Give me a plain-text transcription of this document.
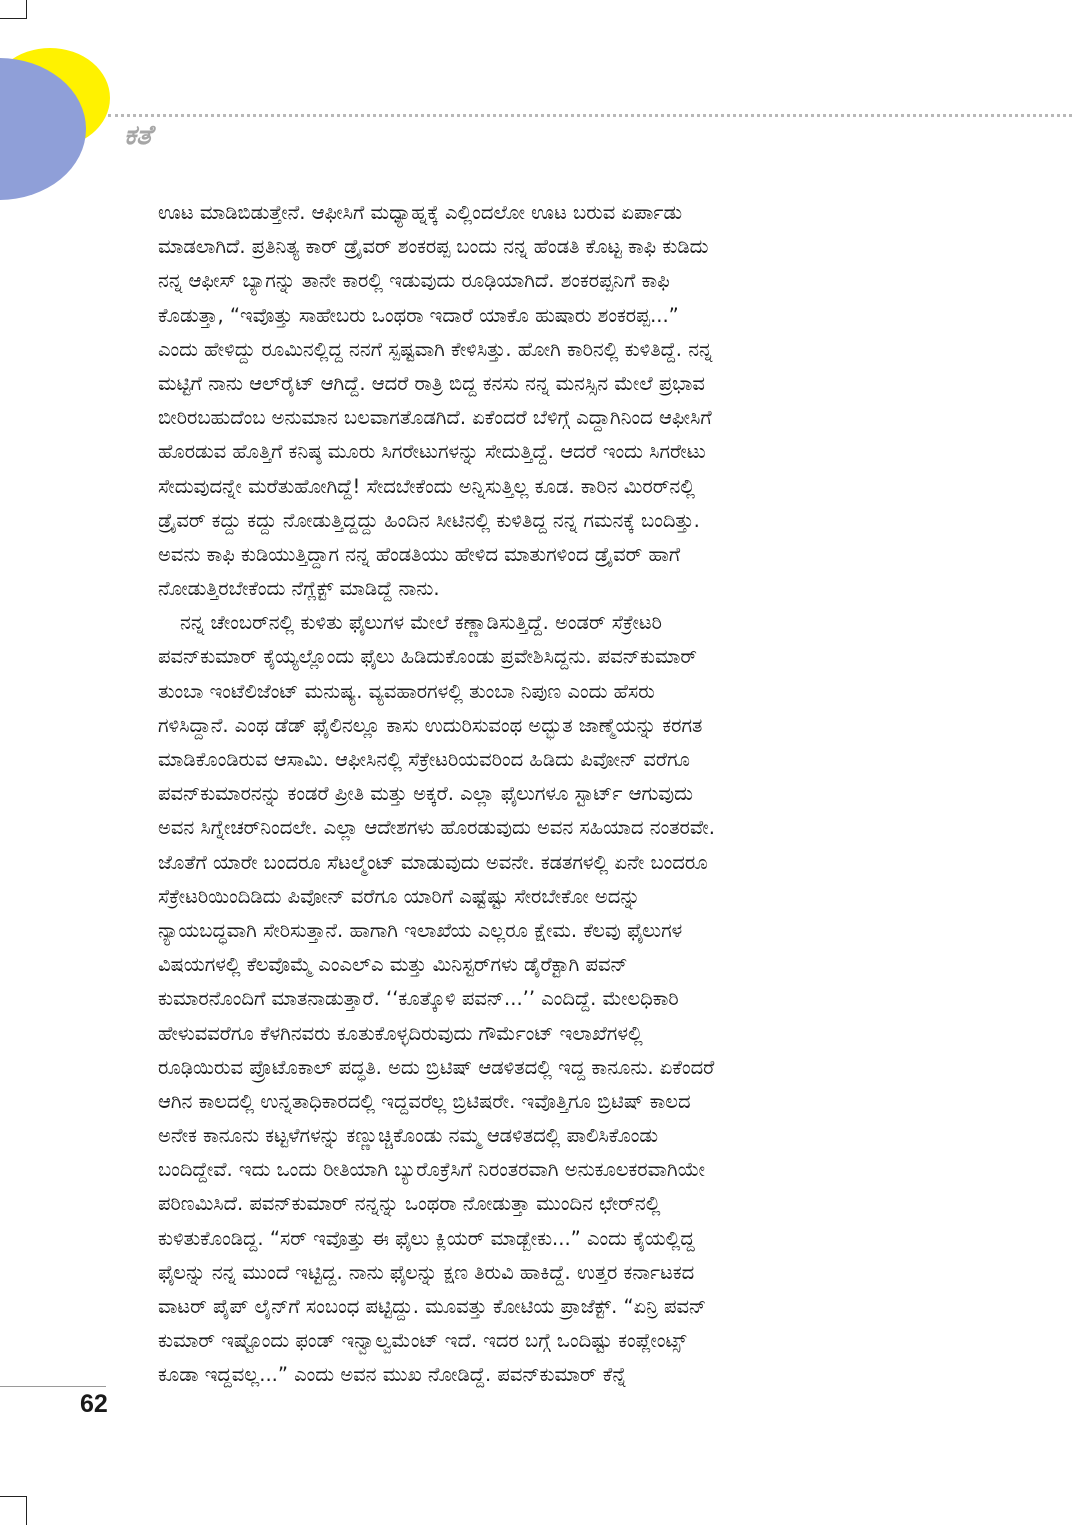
ಕತೆ
ಊಟ ಮಾಡಿಬಿಡುತ್ತೇನೆ. ಆಫೀಸಿಗೆ ಮಧ್ಯಾಹ್ನಕ್ಕೆ ಎಲ್ಲಿಂದಲೋ ಊಟ ಬರುವ ಏರ್ಪಾಡು
ಮಾಡಲಾಗಿದೆ. ಪ್ರತಿನಿತ್ಯ ಕಾರ್ ಡ್ರೈವರ್ ಶಂಕರಪ್ಪ ಬಂದು ನನ್ನ ಹೆಂಡತಿ ಕೊಟ್ಟ ಕಾಫಿ ಕುಡಿದು
ನನ್ನ ಆಫೀಸ್ ಬ್ಯಾಗನ್ನು ತಾನೇ ಕಾರಲ್ಲಿ ಇಡುವುದು ರೂಢಿಯಾಗಿದೆ. ಶಂಕರಪ್ಪನಿಗೆ ಕಾಫಿ
ಕೊಡುತ್ತಾ, “ಇವೊತ್ತು ಸಾಹೇಬರು ಒಂಥರಾ ಇದಾರೆ ಯಾಕೊ ಹುಷಾರು ಶಂಕರಪ್ಪ...”
ಎಂದು ಹೇಳಿದ್ದು ರೂಮಿನಲ್ಲಿದ್ದ ನನಗೆ ಸ್ಪಷ್ಟವಾಗಿ ಕೇಳಿಸಿತ್ತು. ಹೋಗಿ ಕಾರಿನಲ್ಲಿ ಕುಳಿತಿದ್ದೆ. ನನ್ನ
ಮಟ್ಟಿಗೆ ನಾನು ಆಲ್‌ರೈಟ್ ಆಗಿದ್ದೆ. ಆದರೆ ರಾತ್ರಿ ಬಿದ್ದ ಕನಸು ನನ್ನ ಮನಸ್ಸಿನ ಮೇಲೆ ಪ್ರಭಾವ
ಬೀರಿರಬಹುದೆಂಬ ಅನುಮಾನ ಬಲವಾಗತೊಡಗಿದೆ. ಏಕೆಂದರೆ ಬೆಳಿಗ್ಗೆ ಎದ್ದಾಗಿನಿಂದ ಆಫೀಸಿಗೆ
ಹೊರಡುವ ಹೊತ್ತಿಗೆ ಕನಿಷ್ಠ ಮೂರು ಸಿಗರೇಟುಗಳನ್ನು ಸೇದುತ್ತಿದ್ದೆ. ಆದರೆ ಇಂದು ಸಿಗರೇಟು
ಸೇದುವುದನ್ನೇ ಮರೆತುಹೋಗಿದ್ದೆ! ಸೇದಬೇಕೆಂದು ಅನ್ನಿಸುತ್ತಿಲ್ಲ ಕೂಡ. ಕಾರಿನ ಮಿರರ್‌ನಲ್ಲಿ
ಡ್ರೈವರ್ ಕದ್ದು ಕದ್ದು ನೋಡುತ್ತಿದ್ದದ್ದು ಹಿಂದಿನ ಸೀಟಿನಲ್ಲಿ ಕುಳಿತಿದ್ದ ನನ್ನ ಗಮನಕ್ಕೆ ಬಂದಿತ್ತು.
ಅವನು ಕಾಫಿ ಕುಡಿಯುತ್ತಿದ್ದಾಗ ನನ್ನ ಹೆಂಡತಿಯು ಹೇಳಿದ ಮಾತುಗಳಿಂದ ಡ್ರೈವರ್ ಹಾಗೆ
ನೋಡುತ್ತಿರಬೇಕೆಂದು ನೆಗ್ಲೆಕ್ಟ್ ಮಾಡಿದ್ದೆ ನಾನು.
ನನ್ನ ಚೇಂಬರ್‌ನಲ್ಲಿ ಕುಳಿತು ಫೈಲುಗಳ ಮೇಲೆ ಕಣ್ಣಾಡಿಸುತ್ತಿದ್ದೆ. ಅಂಡರ್ ಸೆಕ್ರೇಟರಿ
ಪವನ್‌ಕುಮಾರ್ ಕೈಯ್ಯಲ್ಲೊಂದು ಫೈಲು ಹಿಡಿದುಕೊಂಡು ಪ್ರವೇಶಿಸಿದ್ದನು. ಪವನ್‌ಕುಮಾರ್
ತುಂಬಾ ಇಂಟೆಲಿಜೆಂಟ್ ಮನುಷ್ಯ. ವ್ಯವಹಾರಗಳಲ್ಲಿ ತುಂಬಾ ನಿಪುಣ ಎಂದು ಹೆಸರು
ಗಳಿಸಿದ್ದಾನೆ. ಎಂಥ ಡೆಡ್ ಫೈಲಿನಲ್ಲೂ ಕಾಸು ಉದುರಿಸುವಂಥ ಅದ್ಭುತ ಜಾಣ್ಮೆಯನ್ನು ಕರಗತ
ಮಾಡಿಕೊಂಡಿರುವ ಆಸಾಮಿ. ಆಫೀಸಿನಲ್ಲಿ ಸೆಕ್ರೇಟರಿಯವರಿಂದ ಹಿಡಿದು ಪಿವೋನ್ ವರೆಗೂ
ಪವನ್‌ಕುಮಾರನನ್ನು ಕಂಡರೆ ಪ್ರೀತಿ ಮತ್ತು ಅಕ್ಕರೆ. ಎಲ್ಲಾ ಫೈಲುಗಳೂ ಸ್ಟಾರ್ಟ್ ಆಗುವುದು
ಅವನ ಸಿಗ್ನೇಚರ್‌ನಿಂದಲೇ. ಎಲ್ಲಾ ಆದೇಶಗಳು ಹೊರಡುವುದು ಅವನ ಸಹಿಯಾದ ನಂತರವೇ.
ಜೊತೆಗೆ ಯಾರೇ ಬಂದರೂ ಸೆಟಲ್ಮೆಂಟ್ ಮಾಡುವುದು ಅವನೇ. ಕಡತಗಳಲ್ಲಿ ಏನೇ ಬಂದರೂ
ಸೆಕ್ರೇಟರಿಯಿಂದಿಡಿದು ಪಿವೋನ್ ವರೆಗೂ ಯಾರಿಗೆ ಎಷ್ಟೆಷ್ಟು ಸೇರಬೇಕೋ ಅದನ್ನು
ನ್ಯಾಯಬದ್ಧವಾಗಿ ಸೇರಿಸುತ್ತಾನೆ. ಹಾಗಾಗಿ ಇಲಾಖೆಯ ಎಲ್ಲರೂ ಕ್ಷೇಮ. ಕೆಲವು ಫೈಲುಗಳ
ವಿಷಯಗಳಲ್ಲಿ ಕೆಲವೊಮ್ಮೆ ಎಂಎಲ್ಎ ಮತ್ತು ಮಿನಿಸ್ಟರ್‌ಗಳು ಡೈರೆಕ್ಟಾಗಿ ಪವನ್
ಕುಮಾರನೊಂದಿಗೆ ಮಾತನಾಡುತ್ತಾರೆ. ‘‘ಕೂತ್ಕೊಳಿ ಪವನ್...’’ ಎಂದಿದ್ದೆ. ಮೇಲಧಿಕಾರಿ
ಹೇಳುವವರೆಗೂ ಕೆಳಗಿನವರು ಕೂತುಕೊಳ್ಳದಿರುವುದು ಗೌರ್ಮೆಂಟ್ ಇಲಾಖೆಗಳಲ್ಲಿ
ರೂಢಿಯಿರುವ ಪ್ರೊಟೊಕಾಲ್ ಪದ್ಧತಿ. ಅದು ಬ್ರಿಟಿಷ್ ಆಡಳಿತದಲ್ಲಿ ಇದ್ದ ಕಾನೂನು. ಏಕೆಂದರೆ
ಆಗಿನ ಕಾಲದಲ್ಲಿ ಉನ್ನತಾಧಿಕಾರದಲ್ಲಿ ಇದ್ದವರೆಲ್ಲ ಬ್ರಿಟಿಷರೇ. ಇವೊತ್ತಿಗೂ ಬ್ರಿಟಿಷ್ ಕಾಲದ
ಅನೇಕ ಕಾನೂನು ಕಟ್ಟಳೆಗಳನ್ನು ಕಣ್ಣುಚ್ಚಿಕೊಂಡು ನಮ್ಮ ಆಡಳಿತದಲ್ಲಿ ಪಾಲಿಸಿಕೊಂಡು
ಬಂದಿದ್ದೇವೆ. ಇದು ಒಂದು ರೀತಿಯಾಗಿ ಬ್ಯುರೊಕ್ರೆಸಿಗೆ ನಿರಂತರವಾಗಿ ಅನುಕೂಲಕರವಾಗಿಯೇ
ಪರಿಣಮಿಸಿದೆ. ಪವನ್‌ಕುಮಾರ್ ನನ್ನನ್ನು ಒಂಥರಾ ನೋಡುತ್ತಾ ಮುಂದಿನ ಛೇರ್‌ನಲ್ಲಿ
ಕುಳಿತುಕೊಂಡಿದ್ದ. “ಸರ್ ಇವೊತ್ತು ಈ ಫೈಲು ಕ್ಲಿಯರ್ ಮಾಡ್ಬೇಕು...” ಎಂದು ಕೈಯಲ್ಲಿದ್ದ
ಫೈಲನ್ನು ನನ್ನ ಮುಂದೆ ಇಟ್ಟಿದ್ದ. ನಾನು ಫೈಲನ್ನು ಕ್ಷಣ ತಿರುವಿ ಹಾಕಿದ್ದೆ. ಉತ್ತರ ಕರ್ನಾಟಕದ
ವಾಟರ್ ಪೈಪ್ ಲೈನ್‌ಗೆ ಸಂಬಂಧ ಪಟ್ಟಿದ್ದು. ಮೂವತ್ತು ಕೋಟಿಯ ಪ್ರಾಜೆಕ್ಟ್. “ಏನ್ರಿ ಪವನ್
ಕುಮಾರ್ ಇಷ್ಟೊಂದು ಫಂಡ್ ಇನ್ವಾಲ್ವಮೆಂಟ್ ಇದೆ. ಇದರ ಬಗ್ಗೆ ಒಂದಿಷ್ಟು ಕಂಪ್ಲೇಂಟ್ಸ್
ಕೂಡಾ ಇದ್ದವಲ್ಲ...” ಎಂದು ಅವನ ಮುಖ ನೋಡಿದ್ದೆ. ಪವನ್‌ಕುಮಾರ್ ಕೆನ್ನೆ
62
